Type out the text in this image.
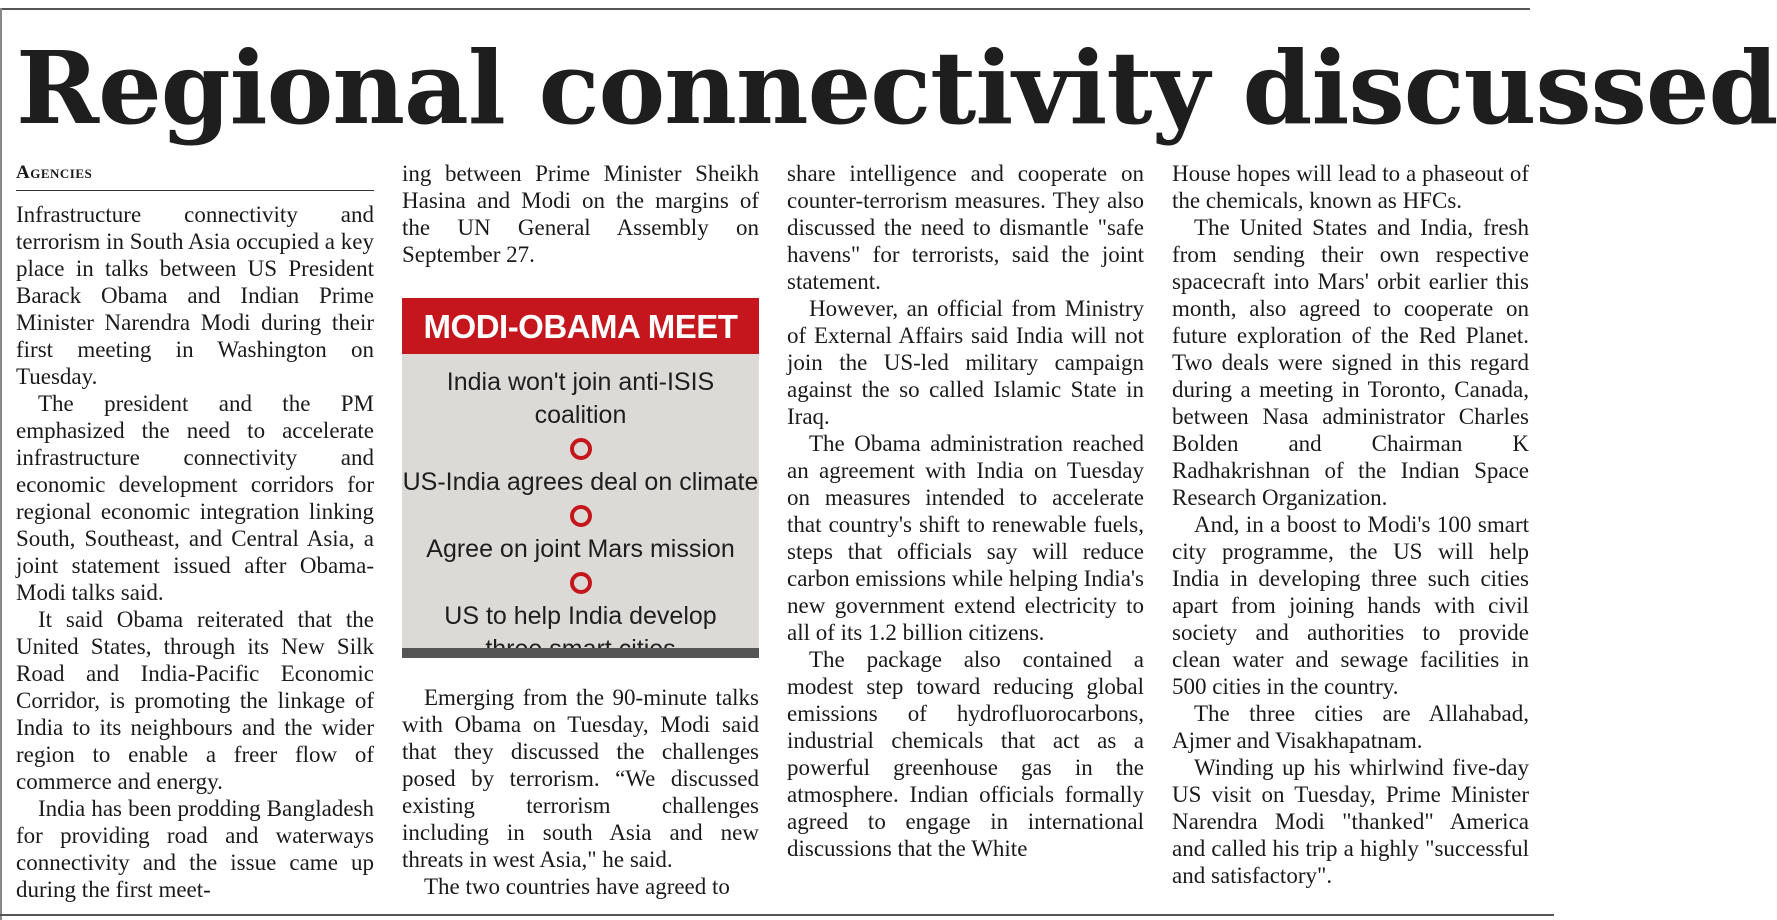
Regional connectivity discussed
Agencies

Infrastructure connectivity and terrorism in South Asia occupied a key place in talks between US President Barack Obama and Indian Prime Minister Narendra Modi during their first meeting in Washington on Tuesday.

The president and the PM emphasized the need to accelerate infrastructure connectivity and economic development corridors for regional economic integration linking South, Southeast, and Central Asia, a joint statement issued after Obama-Modi talks said.

It said Obama reiterated that the United States, through its New Silk Road and India-Pacific Economic Corridor, is promoting the linkage of India to its neighbours and the wider region to enable a freer flow of commerce and energy.

India has been prodding Bangladesh for providing road and waterways connectivity and the issue came up during the first meet-

ing between Prime Minister Sheikh Hasina and Modi on the margins of the UN General Assembly on September 27.

MODI-OBAMA MEET
India won't join anti-ISIS coalition
US-India agrees deal on climate
Agree on joint Mars mission
US to help India develop

Emerging from the 90-minute talks with Obama on Tuesday, Modi said that they discussed the challenges posed by terrorism. “We discussed existing terrorism challenges including in south Asia and new threats in west Asia," he said.

The two countries have agreed to

share intelligence and cooperate on counter-terrorism measures. They also discussed the need to dismantle "safe havens" for terrorists, said the joint statement.

However, an official from Ministry of External Affairs said India will not join the US-led military campaign against the so called Islamic State in Iraq.

The Obama administration reached an agreement with India on Tuesday on measures intended to accelerate that country's shift to renewable fuels, steps that officials say will reduce carbon emissions while helping India's new government extend electricity to all of its 1.2 billion citizens.

The package also contained a modest step toward reducing global emissions of hydrofluorocarbons, industrial chemicals that act as a powerful greenhouse gas in the atmosphere. Indian officials formally agreed to engage in international discussions that the White

House hopes will lead to a phaseout of the chemicals, known as HFCs.

The United States and India, fresh from sending their own respective spacecraft into Mars' orbit earlier this month, also agreed to cooperate on future exploration of the Red Planet. Two deals were signed in this regard during a meeting in Toronto, Canada, between Nasa administrator Charles Bolden and Chairman K Radhakrishnan of the Indian Space Research Organization.

And, in a boost to Modi's 100 smart city programme, the US will help India in developing three such cities apart from joining hands with civil society and authorities to provide clean water and sewage facilities in 500 cities in the country.

The three cities are Allahabad, Ajmer and Visakhapatnam.

Winding up his whirlwind five-day US visit on Tuesday, Prime Minister Narendra Modi "thanked" America and called his trip a highly "successful and satisfactory".
